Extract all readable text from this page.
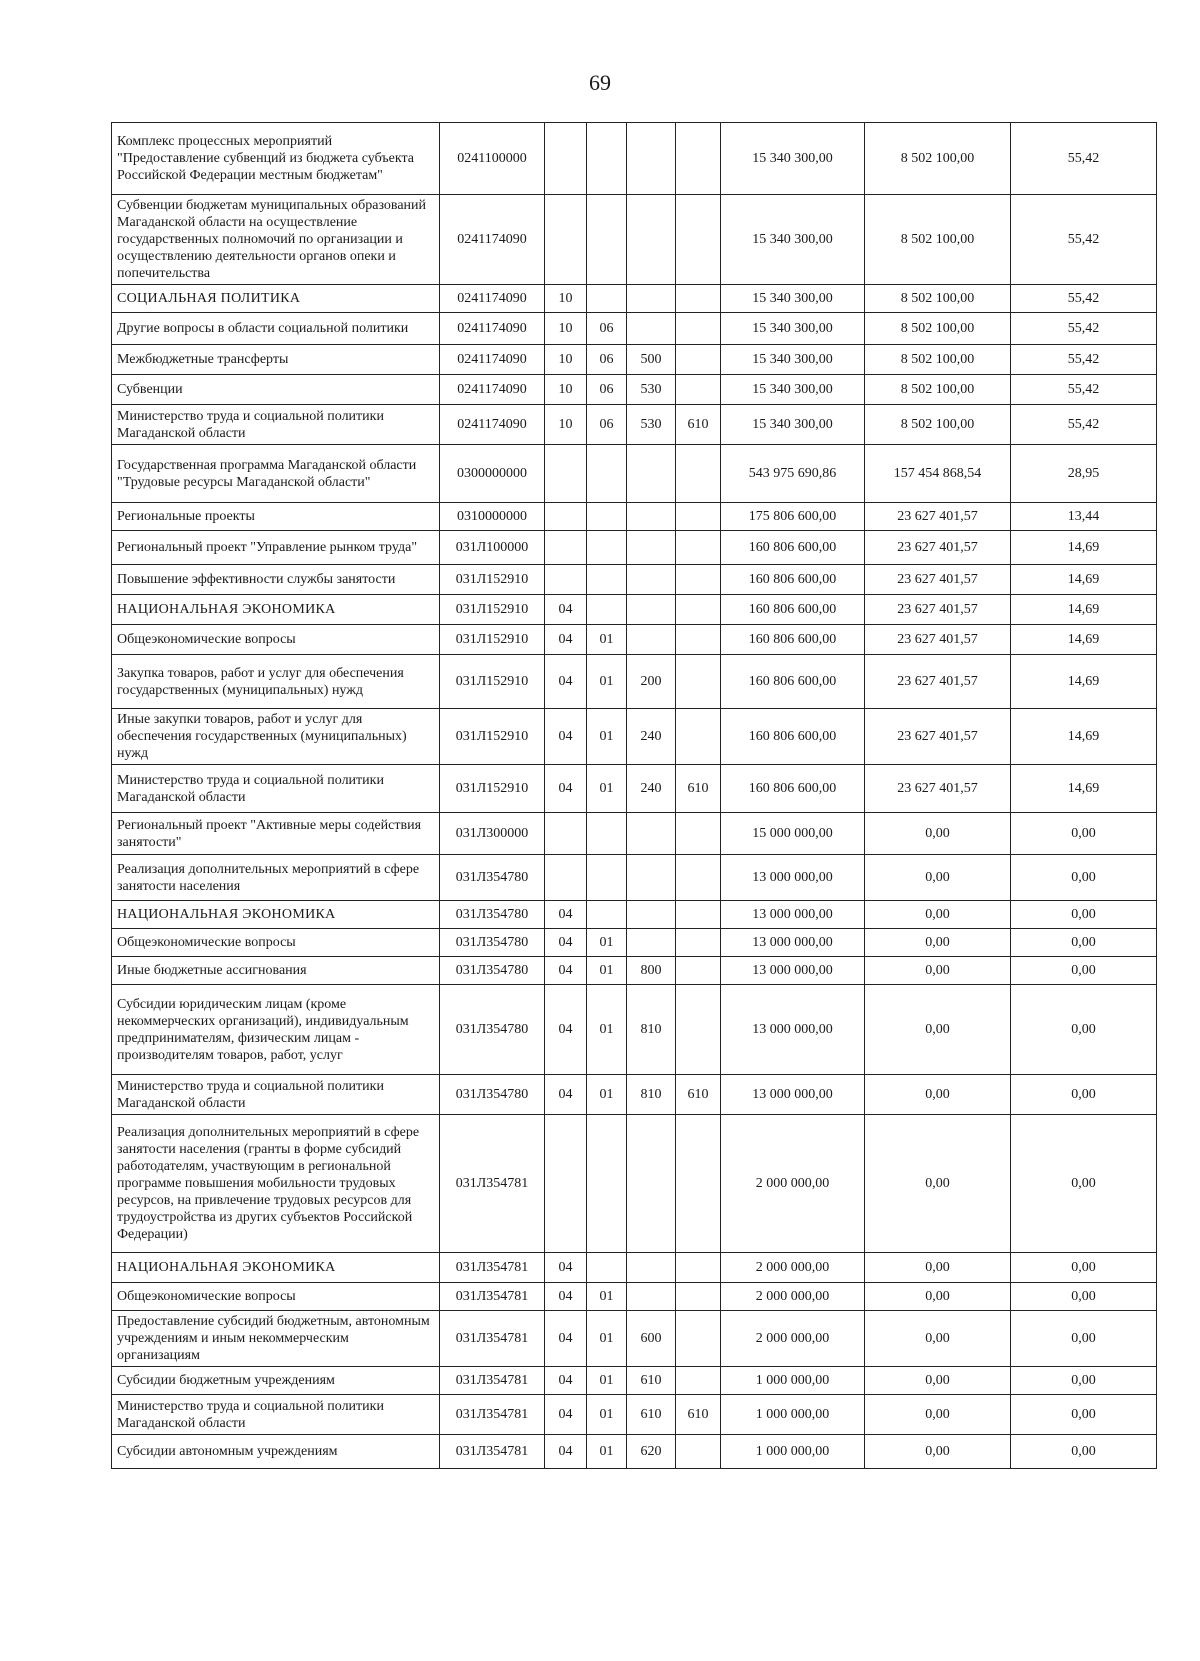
69
Комплекс процессных мероприятий "Предоставление субвенций из бюджета субъекта Российской Федерации местным бюджетам"	0241100000					15 340 300,00	8 502 100,00	55,42
Субвенции бюджетам муниципальных образований Магаданской области на осуществление государственных полномочий по организации и осуществлению деятельности органов опеки и попечительства	0241174090					15 340 300,00	8 502 100,00	55,42
СОЦИАЛЬНАЯ ПОЛИТИКА	0241174090	10				15 340 300,00	8 502 100,00	55,42
Другие вопросы в области социальной политики	0241174090	10	06			15 340 300,00	8 502 100,00	55,42
Межбюджетные трансферты	0241174090	10	06	500		15 340 300,00	8 502 100,00	55,42
Субвенции	0241174090	10	06	530		15 340 300,00	8 502 100,00	55,42
Министерство труда и социальной политики Магаданской области	0241174090	10	06	530	610	15 340 300,00	8 502 100,00	55,42
Государственная программа Магаданской области "Трудовые ресурсы Магаданской области"	0300000000					543 975 690,86	157 454 868,54	28,95
Региональные проекты	0310000000					175 806 600,00	23 627 401,57	13,44
Региональный проект "Управление рынком труда"	031Л100000					160 806 600,00	23 627 401,57	14,69
Повышение эффективности службы занятости	031Л152910					160 806 600,00	23 627 401,57	14,69
НАЦИОНАЛЬНАЯ ЭКОНОМИКА	031Л152910	04				160 806 600,00	23 627 401,57	14,69
Общеэкономические вопросы	031Л152910	04	01			160 806 600,00	23 627 401,57	14,69
Закупка товаров, работ и услуг для обеспечения государственных (муниципальных) нужд	031Л152910	04	01	200		160 806 600,00	23 627 401,57	14,69
Иные закупки товаров, работ и услуг для обеспечения государственных (муниципальных) нужд	031Л152910	04	01	240		160 806 600,00	23 627 401,57	14,69
Министерство труда и социальной политики Магаданской области	031Л152910	04	01	240	610	160 806 600,00	23 627 401,57	14,69
Региональный проект "Активные меры содействия занятости"	031Л300000					15 000 000,00	0,00	0,00
Реализация дополнительных мероприятий в сфере занятости населения	031Л354780					13 000 000,00	0,00	0,00
НАЦИОНАЛЬНАЯ ЭКОНОМИКА	031Л354780	04				13 000 000,00	0,00	0,00
Общеэкономические вопросы	031Л354780	04	01			13 000 000,00	0,00	0,00
Иные бюджетные ассигнования	031Л354780	04	01	800		13 000 000,00	0,00	0,00
Субсидии юридическим лицам (кроме некоммерческих организаций), индивидуальным предпринимателям, физическим лицам - производителям товаров, работ, услуг	031Л354780	04	01	810		13 000 000,00	0,00	0,00
Министерство труда и социальной политики Магаданской области	031Л354780	04	01	810	610	13 000 000,00	0,00	0,00
Реализация дополнительных мероприятий в сфере занятости населения (гранты в форме субсидий работодателям, участвующим в региональной программе повышения мобильности трудовых ресурсов, на привлечение трудовых ресурсов для трудоустройства из других субъектов Российской Федерации)	031Л354781					2 000 000,00	0,00	0,00
НАЦИОНАЛЬНАЯ ЭКОНОМИКА	031Л354781	04				2 000 000,00	0,00	0,00
Общеэкономические вопросы	031Л354781	04	01			2 000 000,00	0,00	0,00
Предоставление субсидий бюджетным, автономным учреждениям и иным некоммерческим организациям	031Л354781	04	01	600		2 000 000,00	0,00	0,00
Субсидии бюджетным учреждениям	031Л354781	04	01	610		1 000 000,00	0,00	0,00
Министерство труда и социальной политики Магаданской области	031Л354781	04	01	610	610	1 000 000,00	0,00	0,00
Субсидии автономным учреждениям	031Л354781	04	01	620		1 000 000,00	0,00	0,00
